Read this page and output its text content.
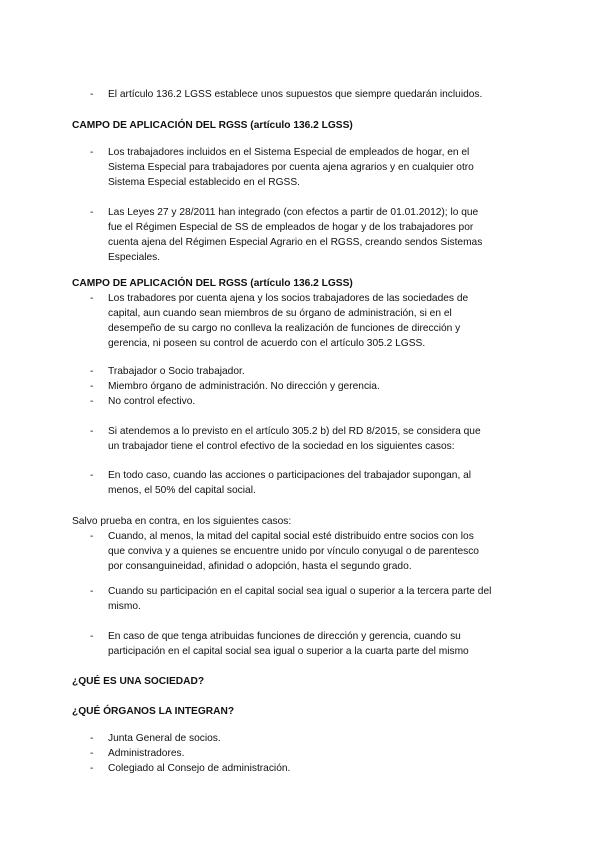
-	El artículo 136.2 LGSS establece unos supuestos que siempre quedarán incluidos.
CAMPO DE APLICACIÓN DEL RGSS (artículo 136.2 LGSS)
-	Los trabajadores incluidos en el Sistema Especial de empleados de hogar, en el
Sistema Especial para trabajadores por cuenta ajena agrarios y en cualquier otro
Sistema Especial establecido en el RGSS.
-	Las Leyes 27 y 28/2011 han integrado (con efectos a partir de 01.01.2012); lo que
fue el Régimen Especial de SS de empleados de hogar y de los trabajadores por
cuenta ajena del Régimen Especial Agrario en el RGSS, creando sendos Sistemas
Especiales.
CAMPO DE APLICACIÓN DEL RGSS (artículo 136.2 LGSS)
-	Los trabadores por cuenta ajena y los socios trabajadores de las sociedades de
capital, aun cuando sean miembros de su órgano de administración, si en el
desempeño de su cargo no conlleva la realización de funciones de dirección y
gerencia, ni poseen su control de acuerdo con el artículo 305.2 LGSS.
-	Trabajador o Socio trabajador.
-	Miembro órgano de administración. No dirección y gerencia.
-	No control efectivo.
-	Si atendemos a lo previsto en el artículo 305.2 b) del RD 8/2015, se considera que
un trabajador tiene el control efectivo de la sociedad en los siguientes casos:
-	En todo caso, cuando las acciones o participaciones del trabajador supongan, al
menos, el 50% del capital social.
Salvo prueba en contra, en los siguientes casos:
-	Cuando, al menos, la mitad del capital social esté distribuido entre socios con los
que conviva y a quienes se encuentre unido por vínculo conyugal o de parentesco
por consanguineidad, afinidad o adopción, hasta el segundo grado.
-	Cuando su participación en el capital social sea igual o superior a la tercera parte del
mismo.
-	En caso de que tenga atribuidas funciones de dirección y gerencia, cuando su
participación en el capital social sea igual o superior a la cuarta parte del mismo
¿QUÉ ES UNA SOCIEDAD?
¿QUÉ ÓRGANOS LA INTEGRAN?
-	Junta General de socios.
-	Administradores.
-	Colegiado al Consejo de administración.
